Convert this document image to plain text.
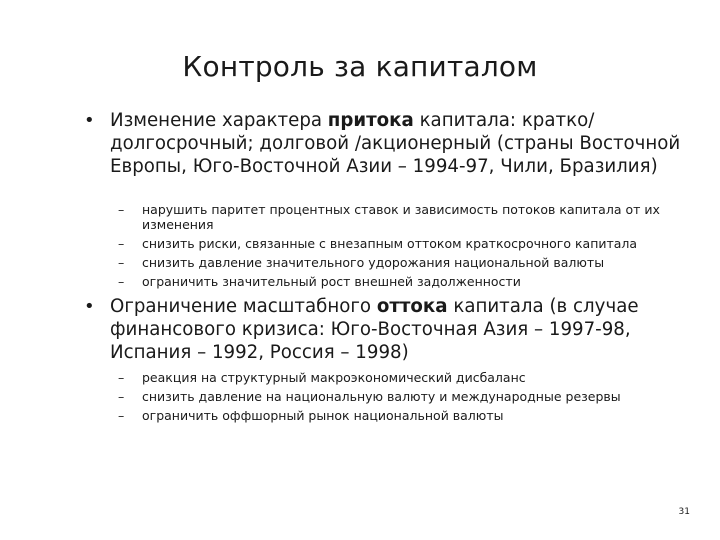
Контроль за капиталом
• Изменение характера притока капитала: кратко/долгосрочный; долговой /акционерный (страны Восточной Европы, Юго-Восточной Азии – 1994-97, Чили, Бразилия)
– нарушить паритет процентных ставок и зависимость потоков капитала от их изменения
– снизить риски, связанные с внезапным оттоком краткосрочного капитала
– снизить давление значительного удорожания национальной валюты
– ограничить значительный рост внешней задолженности
• Ограничение масштабного оттока капитала (в случае финансового кризиса: Юго-Восточная Азия – 1997-98, Испания – 1992, Россия – 1998)
– реакция на структурный макроэкономический дисбаланс
– снизить давление на национальную валюту и международные резервы
– ограничить оффшорный рынок национальной валюты
31
